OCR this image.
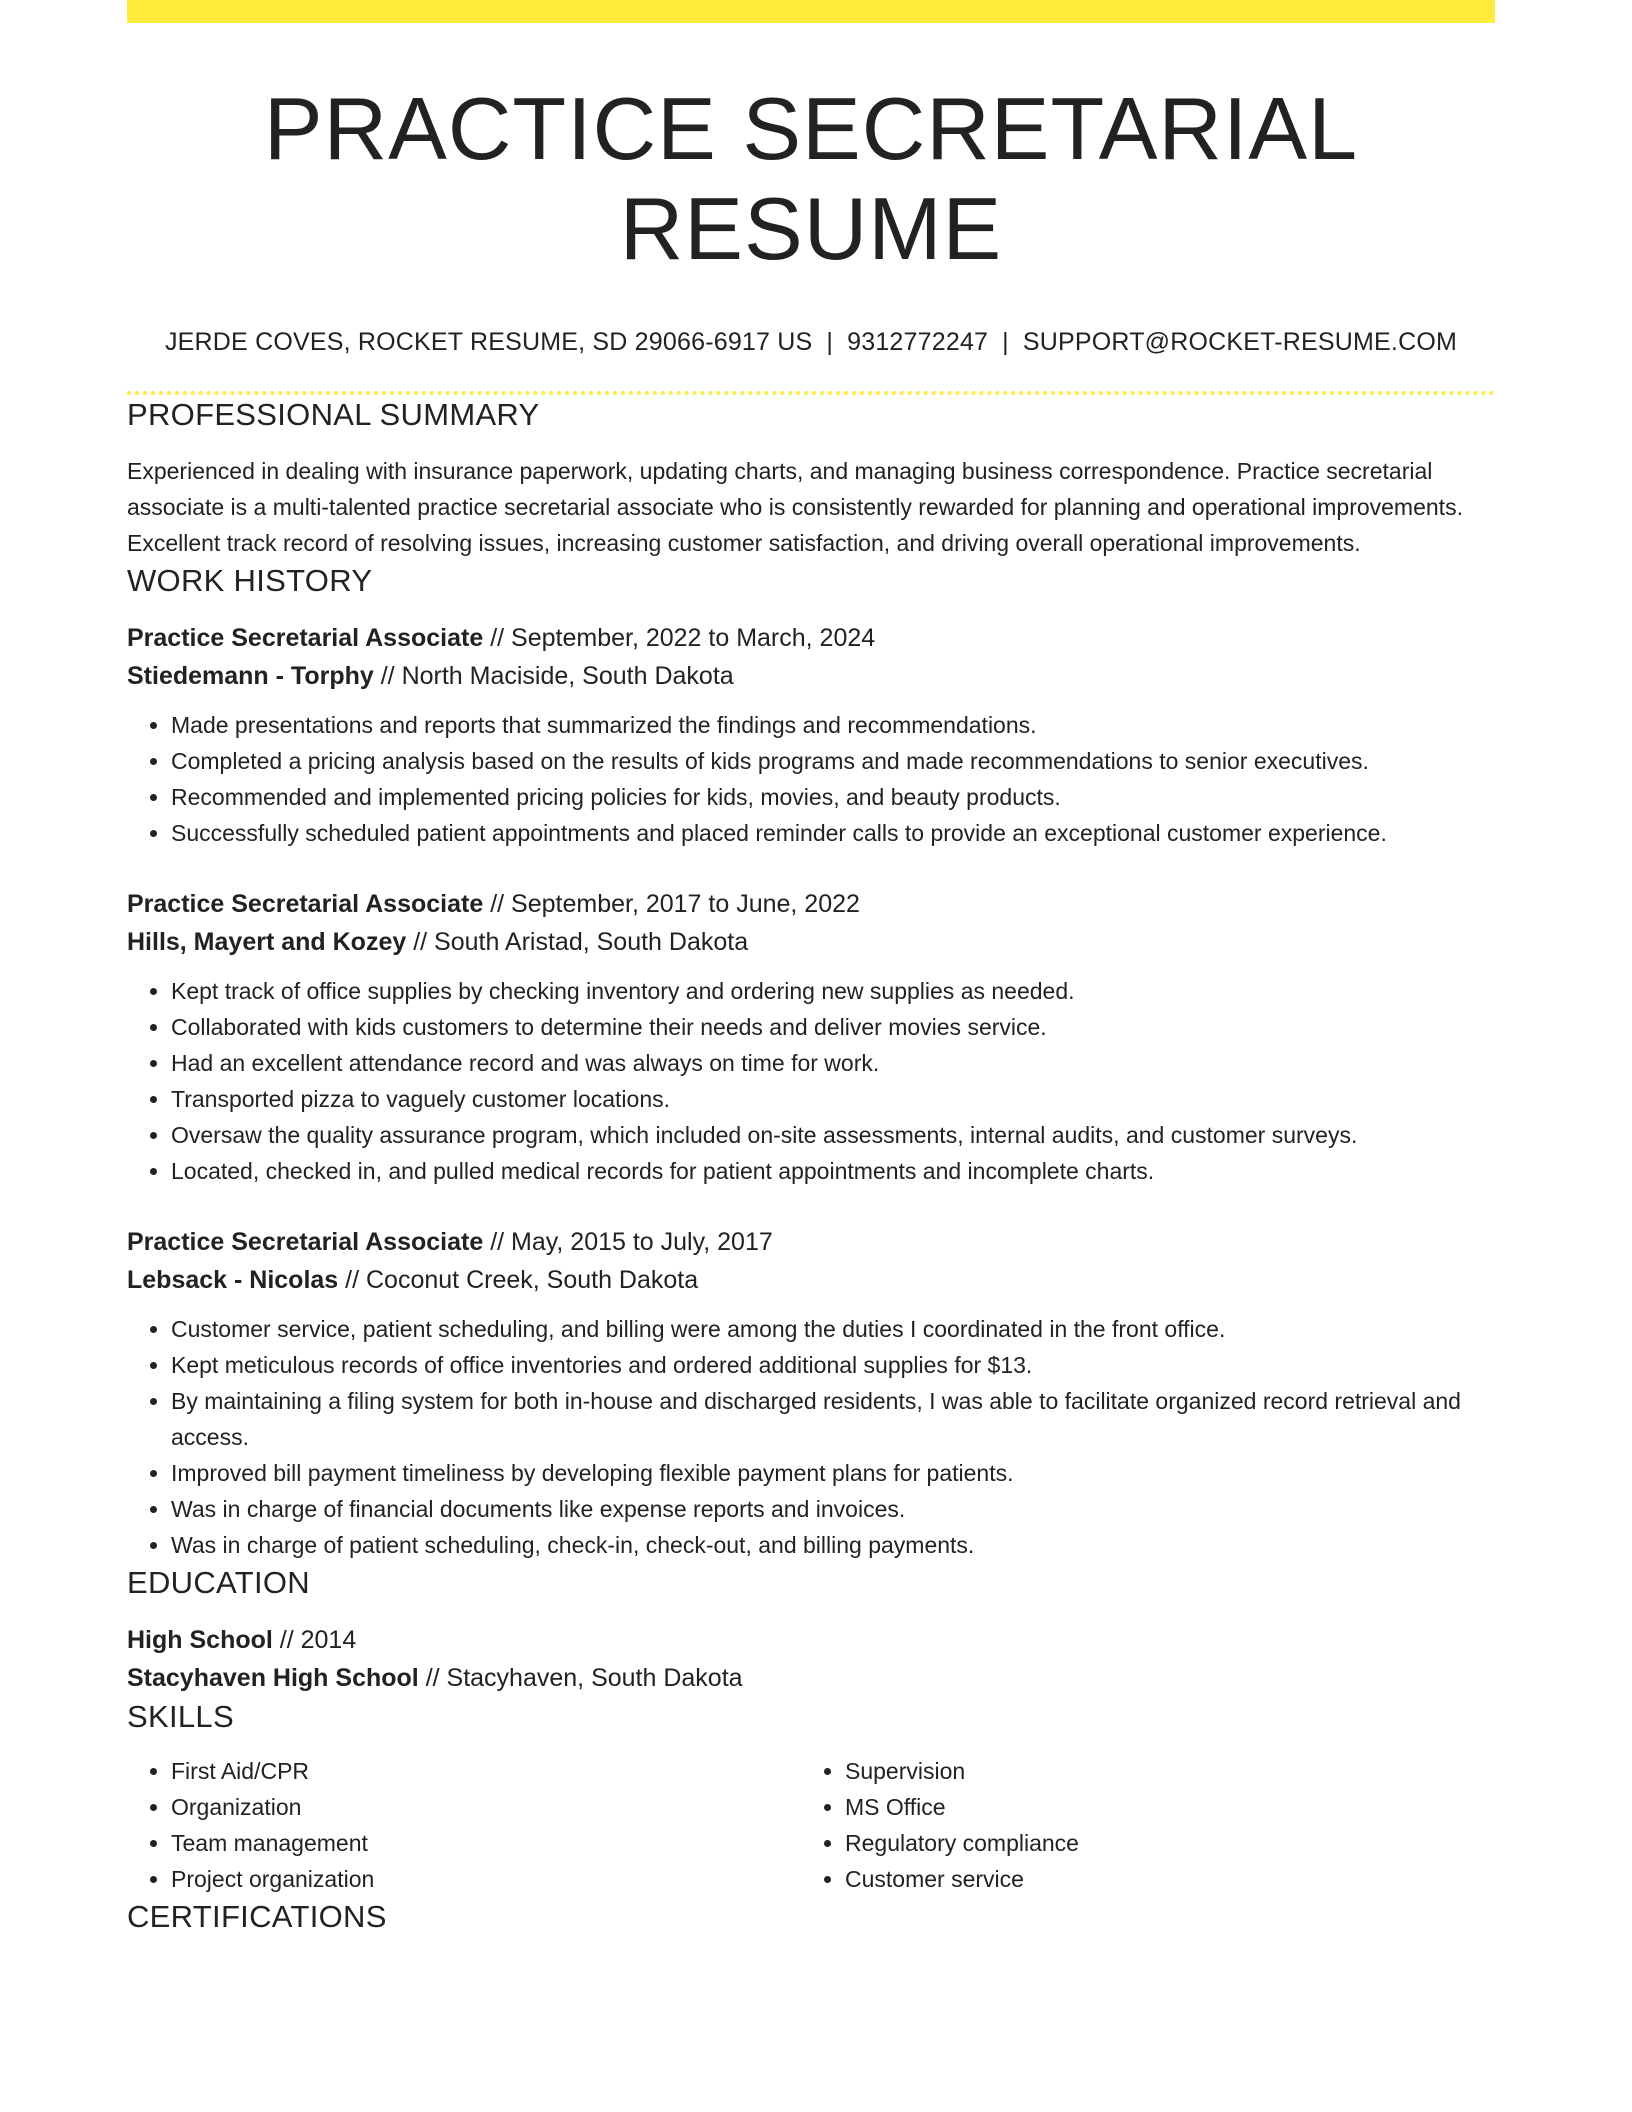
PRACTICE SECRETARIAL RESUME
JERDE COVES, ROCKET RESUME, SD 29066-6917 US | 9312772247 | SUPPORT@ROCKET-RESUME.COM
PROFESSIONAL SUMMARY
Experienced in dealing with insurance paperwork, updating charts, and managing business correspondence. Practice secretarial associate is a multi-talented practice secretarial associate who is consistently rewarded for planning and operational improvements. Excellent track record of resolving issues, increasing customer satisfaction, and driving overall operational improvements.
WORK HISTORY
Practice Secretarial Associate // September, 2022 to March, 2024
Stiedemann - Torphy // North Maciside, South Dakota
• Made presentations and reports that summarized the findings and recommendations.
• Completed a pricing analysis based on the results of kids programs and made recommendations to senior executives.
• Recommended and implemented pricing policies for kids, movies, and beauty products.
• Successfully scheduled patient appointments and placed reminder calls to provide an exceptional customer experience.
Practice Secretarial Associate // September, 2017 to June, 2022
Hills, Mayert and Kozey // South Aristad, South Dakota
• Kept track of office supplies by checking inventory and ordering new supplies as needed.
• Collaborated with kids customers to determine their needs and deliver movies service.
• Had an excellent attendance record and was always on time for work.
• Transported pizza to vaguely customer locations.
• Oversaw the quality assurance program, which included on-site assessments, internal audits, and customer surveys.
• Located, checked in, and pulled medical records for patient appointments and incomplete charts.
Practice Secretarial Associate // May, 2015 to July, 2017
Lebsack - Nicolas // Coconut Creek, South Dakota
• Customer service, patient scheduling, and billing were among the duties I coordinated in the front office.
• Kept meticulous records of office inventories and ordered additional supplies for $13.
• By maintaining a filing system for both in-house and discharged residents, I was able to facilitate organized record retrieval and access.
• Improved bill payment timeliness by developing flexible payment plans for patients.
• Was in charge of financial documents like expense reports and invoices.
• Was in charge of patient scheduling, check-in, check-out, and billing payments.
EDUCATION
High School // 2014
Stacyhaven High School // Stacyhaven, South Dakota
SKILLS
• First Aid/CPR
• Organization
• Team management
• Project organization
• Supervision
• MS Office
• Regulatory compliance
• Customer service
CERTIFICATIONS
